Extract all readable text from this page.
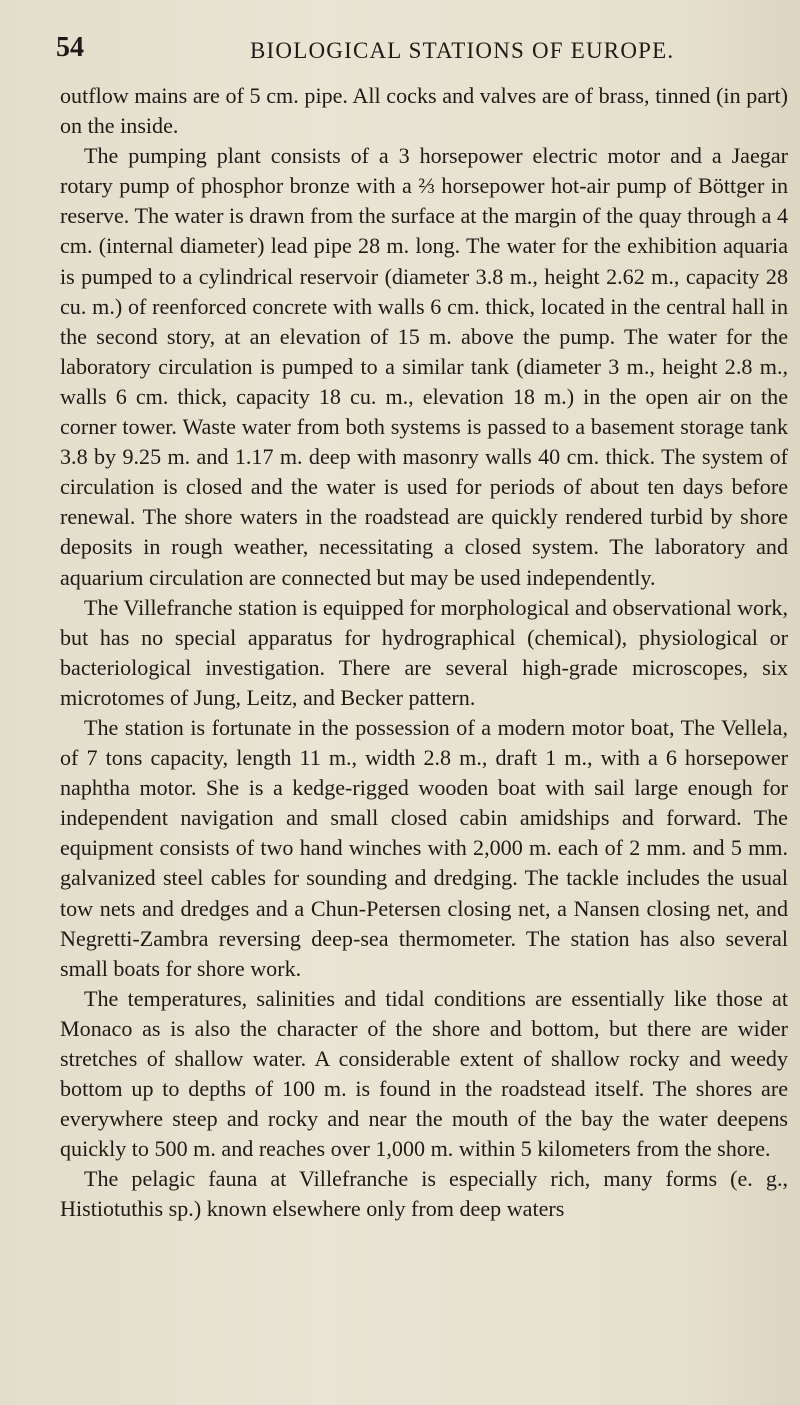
54	BIOLOGICAL STATIONS OF EUROPE.

outflow mains are of 5 cm. pipe. All cocks and valves are of brass, tinned (in part) on the inside.

The pumping plant consists of a 3 horsepower electric motor and a Jaegar rotary pump of phosphor bronze with a ⅔ horsepower hot-air pump of Böttger in reserve. The water is drawn from the surface at the margin of the quay through a 4 cm. (internal diameter) lead pipe 28 m. long. The water for the exhibition aquaria is pumped to a cylindrical reservoir (diameter 3.8 m., height 2.62 m., capacity 28 cu. m.) of reenforced concrete with walls 6 cm. thick, located in the central hall in the second story, at an elevation of 15 m. above the pump. The water for the laboratory circulation is pumped to a similar tank (diameter 3 m., height 2.8 m., walls 6 cm. thick, capacity 18 cu. m., elevation 18 m.) in the open air on the corner tower. Waste water from both systems is passed to a basement storage tank 3.8 by 9.25 m. and 1.17 m. deep with masonry walls 40 cm. thick. The system of circulation is closed and the water is used for periods of about ten days before renewal. The shore waters in the roadstead are quickly rendered turbid by shore deposits in rough weather, necessitating a closed system. The laboratory and aquarium circulation are connected but may be used independently.

The Villefranche station is equipped for morphological and observational work, but has no special apparatus for hydrographical (chemical), physiological or bacteriological investigation. There are several high-grade microscopes, six microtomes of Jung, Leitz, and Becker pattern.

The station is fortunate in the possession of a modern motor boat, The Vellela, of 7 tons capacity, length 11 m., width 2.8 m., draft 1 m., with a 6 horsepower naphtha motor. She is a kedge-rigged wooden boat with sail large enough for independent navigation and small closed cabin amidships and forward. The equipment consists of two hand winches with 2,000 m. each of 2 mm. and 5 mm. galvanized steel cables for sounding and dredging. The tackle includes the usual tow nets and dredges and a Chun-Petersen closing net, a Nansen closing net, and Negretti-Zambra reversing deep-sea thermometer. The station has also several small boats for shore work.

The temperatures, salinities and tidal conditions are essentially like those at Monaco as is also the character of the shore and bottom, but there are wider stretches of shallow water. A considerable extent of shallow rocky and weedy bottom up to depths of 100 m. is found in the roadstead itself. The shores are everywhere steep and rocky and near the mouth of the bay the water deepens quickly to 500 m. and reaches over 1,000 m. within 5 kilometers from the shore.

The pelagic fauna at Villefranche is especially rich, many forms (e. g., Histiotuthis sp.) known elsewhere only from deep waters
